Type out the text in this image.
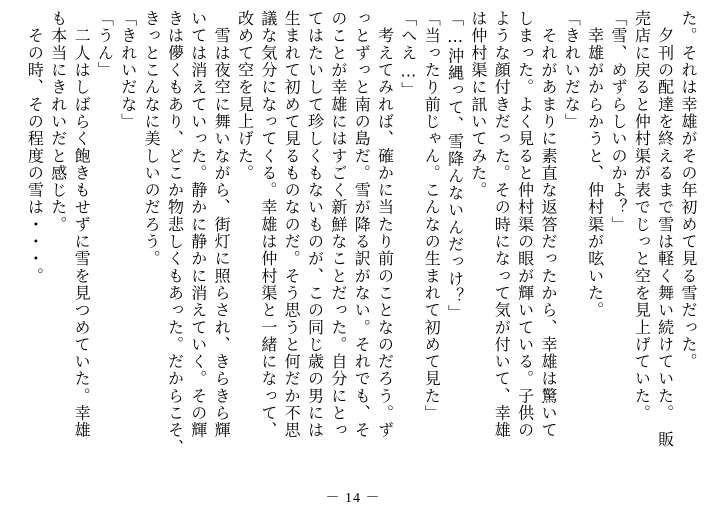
た。それは幸雄がその年初めて見る雪だった。
　夕刊の配達を終えるまで雪は軽く舞い続けていた。　販
売店に戻ると仲村渠が表でじっと空を見上げていた。
「雪、めずらしいのかよ？」
　幸雄がからかうと、仲村渠が呟いた。
「きれいだな」
　それがあまりに素直な返答だったから、幸雄は驚いて
しまった。よく見ると仲村渠の眼が輝いている。子供の
ような顔付きだった。その時になって気が付いて、幸雄
は仲村渠に訊いてみた。
「…沖縄って、雪降んないんだっけ？」
「当ったり前じゃん。こんなの生まれて初めて見た」
「へえ…」
　考えてみれば、確かに当たり前のことなのだろう。ず
っとずっと南の島だ。雪が降る訳がない。それでも、そ
のことが幸雄にはすごく新鮮なことだった。自分にとっ
てはたいして珍しくもないものが、この同じ歳の男には
生まれて初めて見るものなのだ。そう思うと何だか不思
議な気分になってくる。幸雄は仲村渠と一緒になって、
改めて空を見上げた。
　雪は夜空に舞いながら、街灯に照らされ、きらきら輝
いては消えていった。静かに静かに消えていく。その輝
きは儚くもあり、どこか物悲しくもあった。だからこそ、
きっとこんなに美しいのだろう。
「きれいだな」
「うん」
　二人はしばらく飽きもせずに雪を見つめていた。幸雄
も本当にきれいだと感じた。
　その時、その程度の雪は・・・。
－ 14 －
